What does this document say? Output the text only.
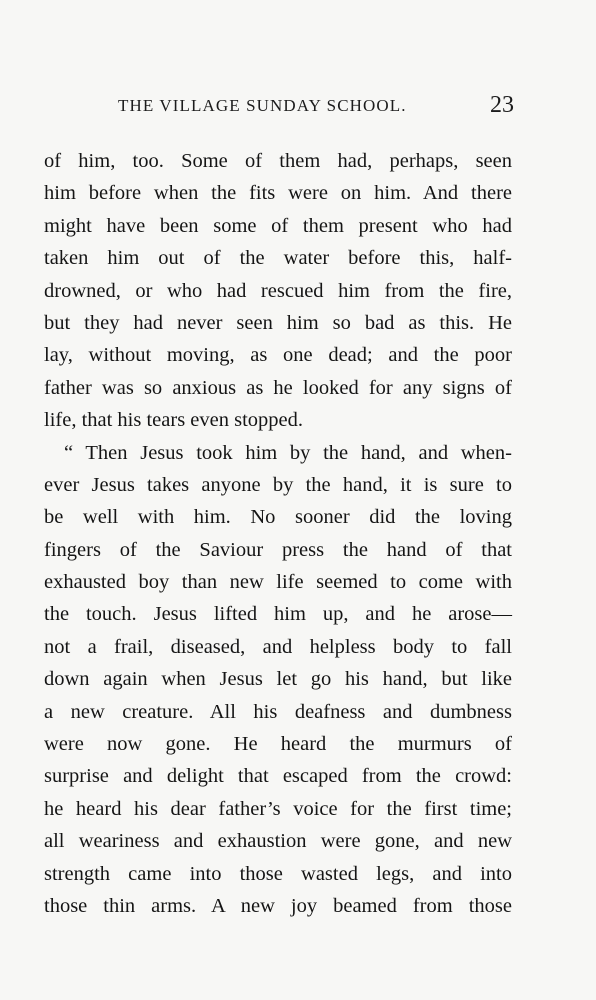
THE VILLAGE SUNDAY SCHOOL.	23
of him, too. Some of them had, perhaps, seen
him before when the fits were on him. And there
might have been some of them present who had
taken him out of the water before this, half-
drowned, or who had rescued him from the fire,
but they had never seen him so bad as this. He
lay, without moving, as one dead; and the poor
father was so anxious as he looked for any signs of
life, that his tears even stopped.
“ Then Jesus took him by the hand, and when-
ever Jesus takes anyone by the hand, it is sure to
be well with him. No sooner did the loving
fingers of the Saviour press the hand of that
exhausted boy than new life seemed to come with
the touch. Jesus lifted him up, and he arose—
not a frail, diseased, and helpless body to fall
down again when Jesus let go his hand, but like
a new creature. All his deafness and dumbness
were now gone. He heard the murmurs of
surprise and delight that escaped from the crowd:
he heard his dear father’s voice for the first time;
all weariness and exhaustion were gone, and new
strength came into those wasted legs, and into
those thin arms. A new joy beamed from those
